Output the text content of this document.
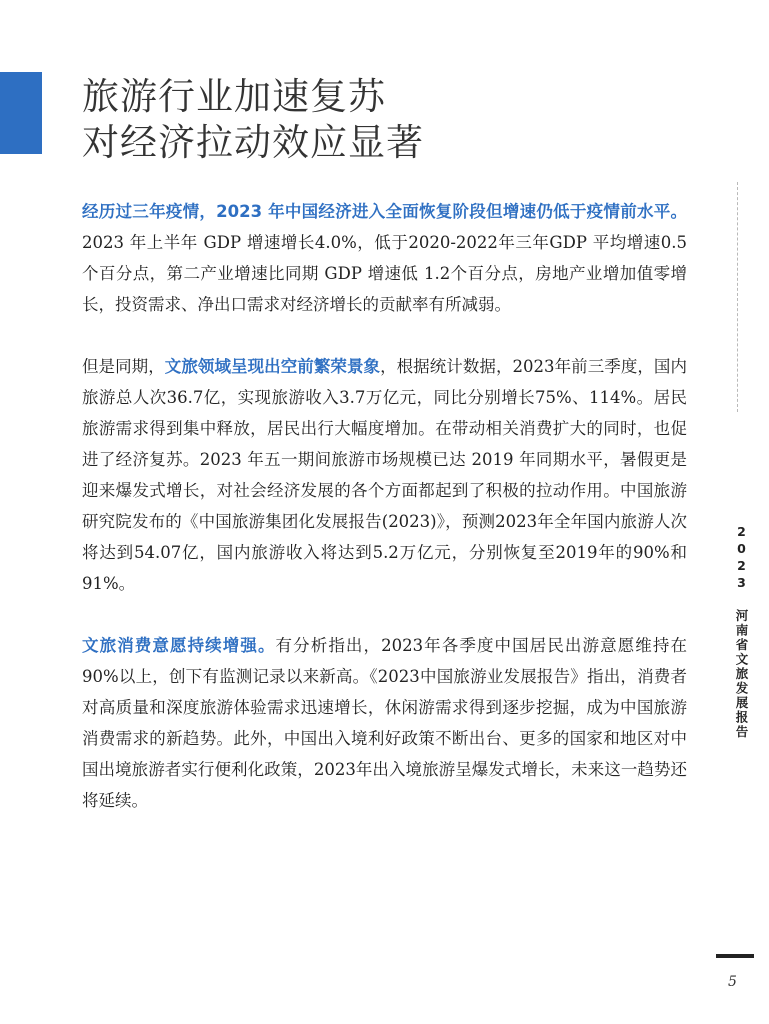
旅游行业加速复苏
对经济拉动效应显著

经历过三年疫情，2023 年中国经济进入全面恢复阶段但增速仍低于疫情前水平。2023 年上半年 GDP 增速增长4.0%，低于2020-2022年三年GDP 平均增速0.5个百分点，第二产业增速比同期 GDP 增速低 1.2个百分点，房地产业增加值零增长，投资需求、净出口需求对经济增长的贡献率有所减弱。

但是同期，文旅领域呈现出空前繁荣景象，根据统计数据，2023年前三季度，国内旅游总人次36.7亿，实现旅游收入3.7万亿元，同比分别增长75%、114%。居民旅游需求得到集中释放，居民出行大幅度增加。在带动相关消费扩大的同时，也促进了经济复苏。2023 年五一期间旅游市场规模已达 2019 年同期水平，暑假更是迎来爆发式增长，对社会经济发展的各个方面都起到了积极的拉动作用。中国旅游研究院发布的《中国旅游集团化发展报告(2023)》，预测2023年全年国内旅游人次将达到54.07亿，国内旅游收入将达到5.2万亿元，分别恢复至2019年的90%和91%。

文旅消费意愿持续增强。有分析指出，2023年各季度中国居民出游意愿维持在90%以上，创下有监测记录以来新高。《2023中国旅游业发展报告》指出，消费者对高质量和深度旅游体验需求迅速增长，休闲游需求得到逐步挖掘，成为中国旅游消费需求的新趋势。此外，中国出入境利好政策不断出台、更多的国家和地区对中国出境旅游者实行便利化政策，2023年出入境旅游呈爆发式增长，未来这一趋势还将延续。

2023 河南省文旅发展报告
5
